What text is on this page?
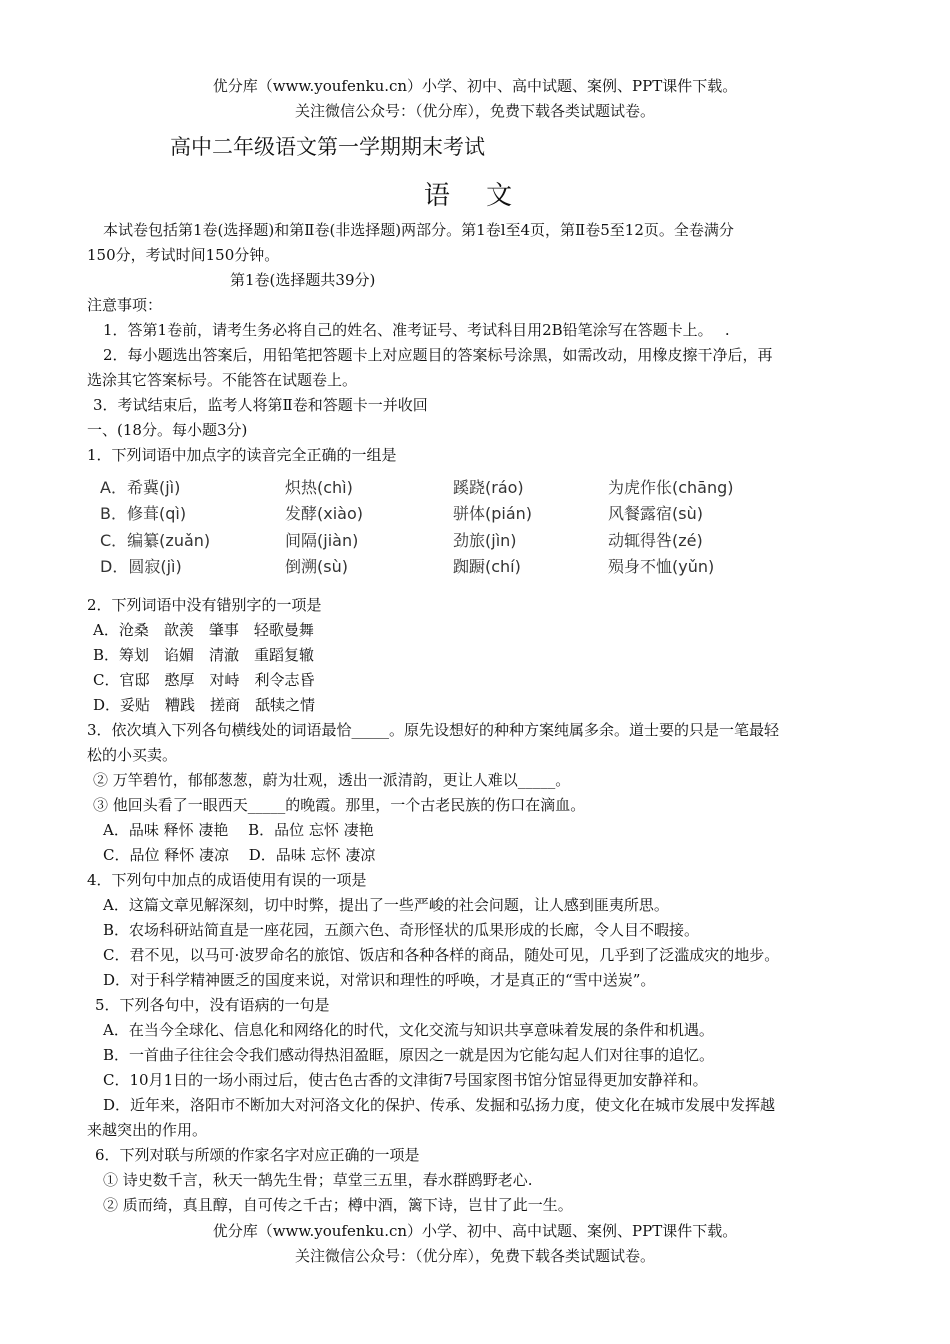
优分库（www.youfenku.cn）小学、初中、高中试题、案例、PPT课件下载。
关注微信公众号：（优分库），免费下载各类试题试卷。
高中二年级语文第一学期期末考试
语 文
本试卷包括第1卷(选择题)和第Ⅱ卷(非选择题)两部分。第1卷l至4页，第Ⅱ卷5至12页。全卷满分
150分，考试时间150分钟。
第1卷(选择题共39分)
注意事项：
1．答第1卷前，请考生务必将自己的姓名、准考证号、考试科目用2B铅笔涂写在答题卡上。　 .
2．每小题选出答案后，用铅笔把答题卡上对应题目的答案标号涂黑，如需改动，用橡皮擦干净后，再
选涂其它答案标号。不能答在试题卷上。
3．考试结束后，监考人将第Ⅱ卷和答题卡一并收回
一、(18分。每小题3分)
1．下列词语中加点字的读音完全正确的一组是
A．希冀(jì)	炽热(chì)	蹊跷(ráo)	为虎作伥(chāng)
B．修葺(qì)	发酵(xiào)	骈体(pián)	风餐露宿(sù)
C．编纂(zuǎn)	间隔(jiàn)	劲旅(jìn)	动辄得咎(zé)
D．圆寂(jì)	倒溯(sù)	踟蹰(chí)	殒身不恤(yǔn)
2．下列词语中没有错别字的一项是
A．沧桑　歆羡　肇事　轻歌曼舞
B．筹划　谄媚　清澈　重蹈复辙
C．官邸　憨厚　对峙　利令志昏
D．妥贴　糟践　搓商　舐犊之情
3．依次填入下列各句横线处的词语最恰_____。原先设想好的种种方案纯属多余。道士要的只是一笔最轻
松的小买卖。
② 万竿碧竹，郁郁葱葱，蔚为壮观，透出一派清韵，更让人难以_____。
③ 他回头看了一眼西天_____的晚霞。那里，一个古老民族的伤口在滴血。
A．品味 释怀 凄艳　 B．品位 忘怀 凄艳
C．品位 释怀 凄凉　 D．品味 忘怀 凄凉
4．下列句中加点的成语使用有误的一项是
A．这篇文章见解深刻，切中时弊，提出了一些严峻的社会问题，让人感到匪夷所思。
B．农场科研站简直是一座花园，五颜六色、奇形怪状的瓜果形成的长廊，令人目不暇接。
C．君不见，以马可·波罗命名的旅馆、饭店和各种各样的商品，随处可见，几乎到了泛滥成灾的地步。
D．对于科学精神匮乏的国度来说，对常识和理性的呼唤，才是真正的“雪中送炭”。
5．下列各句中，没有语病的一句是
A．在当今全球化、信息化和网络化的时代，文化交流与知识共享意味着发展的条件和机遇。
B．一首曲子往往会令我们感动得热泪盈眶，原因之一就是因为它能勾起人们对往事的追忆。
C．10月1日的一场小雨过后，使古色古香的文津街7号国家图书馆分馆显得更加安静祥和。
D．近年来，洛阳市不断加大对河洛文化的保护、传承、发掘和弘扬力度，使文化在城市发展中发挥越
来越突出的作用。
6．下列对联与所颂的作家名字对应正确的一项是
① 诗史数千言，秋天一鹄先生骨；草堂三五里，春水群鸥野老心.
② 质而绮，真且醇，自可传之千古；樽中酒，篱下诗，岂甘了此一生。
优分库（www.youfenku.cn）小学、初中、高中试题、案例、PPT课件下载。
关注微信公众号：（优分库），免费下载各类试题试卷。
